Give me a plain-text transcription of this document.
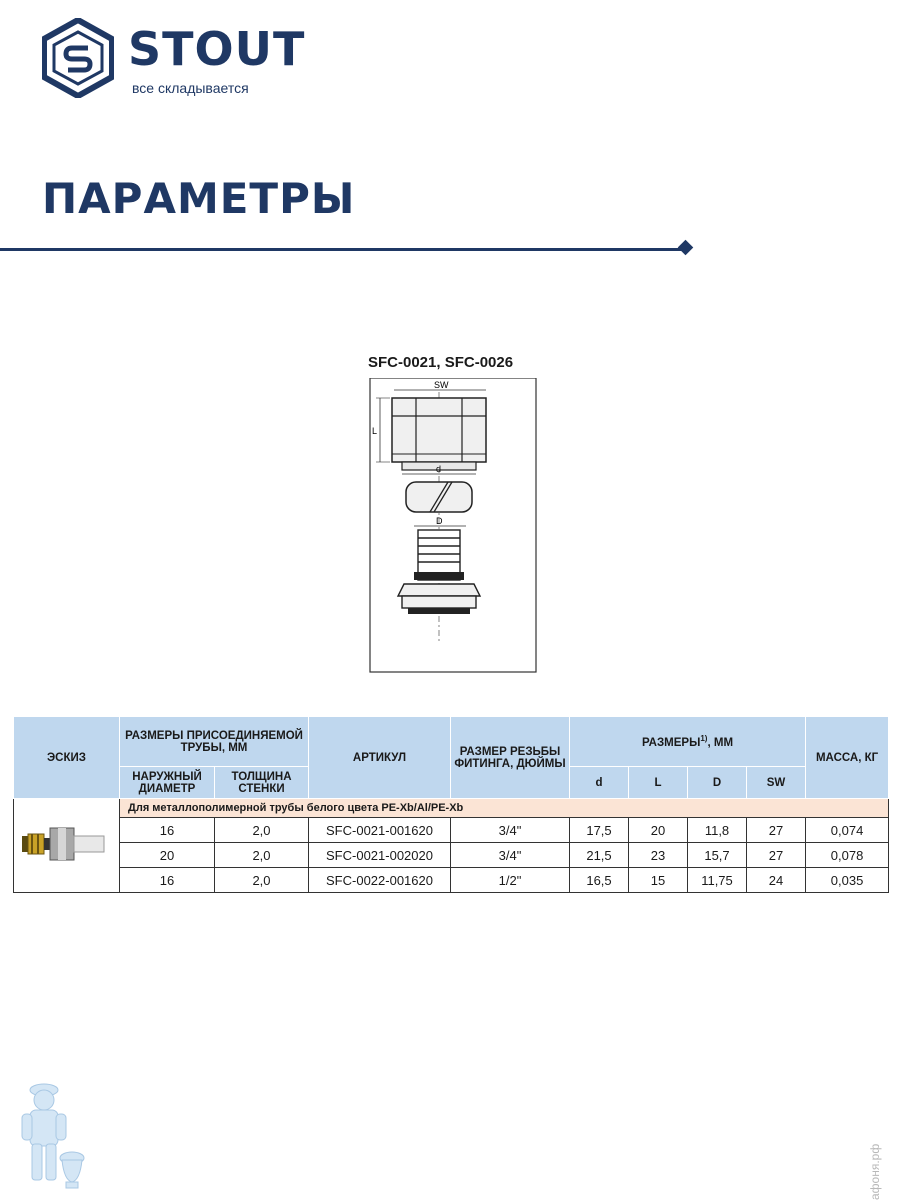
STOUT
все складывается
ПАРАМЕТРЫ
SFC-0021, SFC-0026
SW
L
d
D
ЭСКИЗ	РАЗМЕРЫ ПРИСОЕДИНЯЕМОЙ ТРУБЫ, ММ		АРТИКУЛ	РАЗМЕР РЕЗЬБЫ ФИТИНГА, ДЮЙМЫ	РАЗМЕРЫ$^{1)}$, ММ				МАССА, КГ
	НАРУЖНЫЙ ДИАМЕТР	ТОЛЩИНА СТЕНКИ			d	L	D	SW	
	Для металлополимерной трубы белого цвета PE-Xb/Al/PE-Xb								
	16	2,0	SFC-0021-001620	3/4"	17,5	20	11,8	27	0,074
	20	2,0	SFC-0021-002020	3/4"	21,5	23	15,7	27	0,078
	16	2,0	SFC-0022-001620	1/2"	16,5	15	11,75	24	0,035
афоня.рф
